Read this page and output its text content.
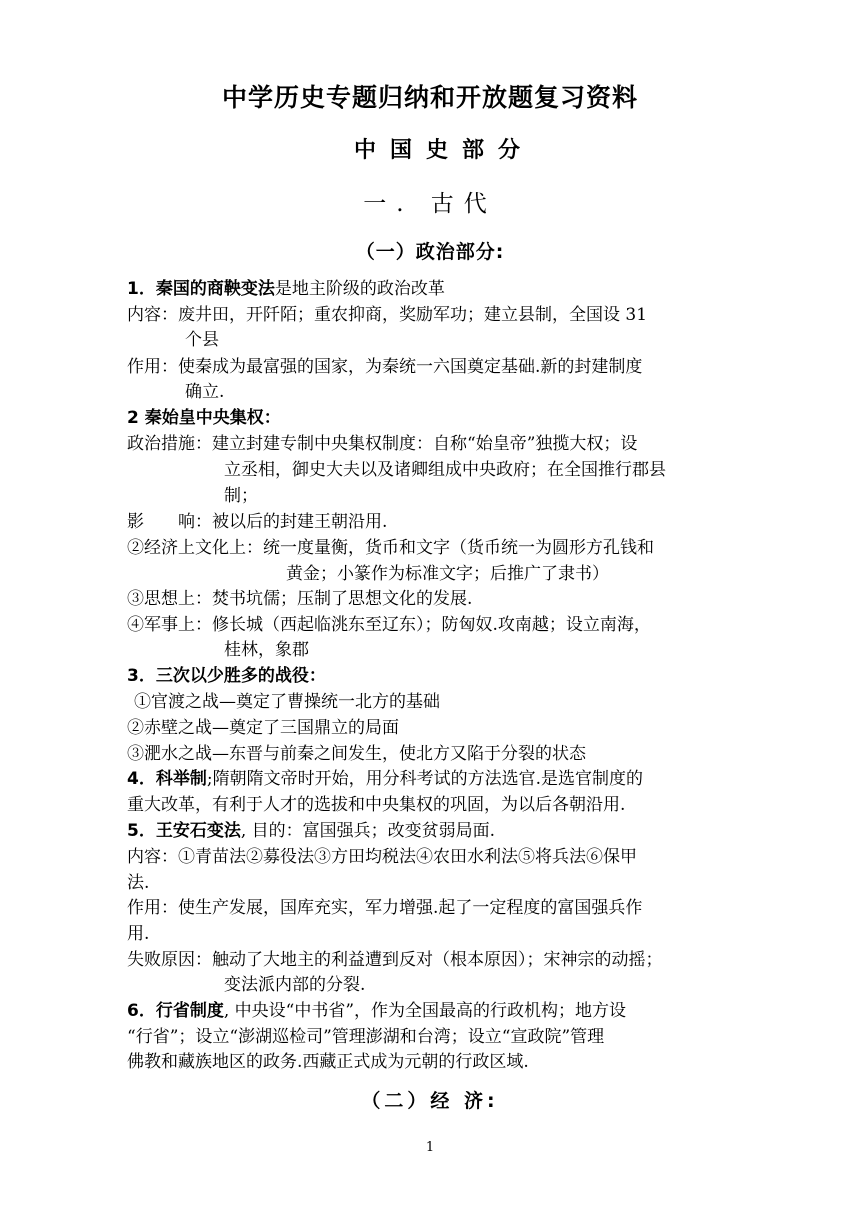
中学历史专题归纳和开放题复习资料
中国史部分
一. 古代
（一）政治部分:
1．秦国的商鞅变法是地主阶级的政治改革
内容：废井田，开阡陌；重农抑商，奖励军功；建立县制，全国设 31
个县
作用：使秦成为最富强的国家，为秦统一六国奠定基础.新的封建制度
确立.
2 秦始皇中央集权：
政治措施：建立封建专制中央集权制度：自称“始皇帝”独揽大权；设
立丞相，御史大夫以及诸卿组成中央政府；在全国推行郡县
制；
影　　响：被以后的封建王朝沿用.
②经济上文化上：统一度量衡，货币和文字（货币统一为圆形方孔钱和
黄金；小篆作为标准文字；后推广了隶书）
③思想上：焚书坑儒；压制了思想文化的发展.
④军事上：修长城（西起临洮东至辽东）；防匈奴.攻南越；设立南海，
桂林，象郡
3．三次以少胜多的战役：
①官渡之战—奠定了曹操统一北方的基础
②赤壁之战—奠定了三国鼎立的局面
③淝水之战—东晋与前秦之间发生，使北方又陷于分裂的状态
4．科举制;隋朝隋文帝时开始，用分科考试的方法选官.是选官制度的
重大改革，有利于人才的选拔和中央集权的巩固，为以后各朝沿用.
5．王安石变法, 目的：富国强兵；改变贫弱局面.
内容：①青苗法②募役法③方田均税法④农田水利法⑤将兵法⑥保甲
法.
作用：使生产发展，国库充实，军力增强.起了一定程度的富国强兵作
用.
失败原因：触动了大地主的利益遭到反对（根本原因）；宋神宗的动摇；
变法派内部的分裂.
6．行省制度, 中央设“中书省”，作为全国最高的行政机构；地方设
“行省”；设立“澎湖巡检司”管理澎湖和台湾；设立“宣政院”管理
佛教和藏族地区的政务.西藏正式成为元朝的行政区域.
（二）经 济:
1
